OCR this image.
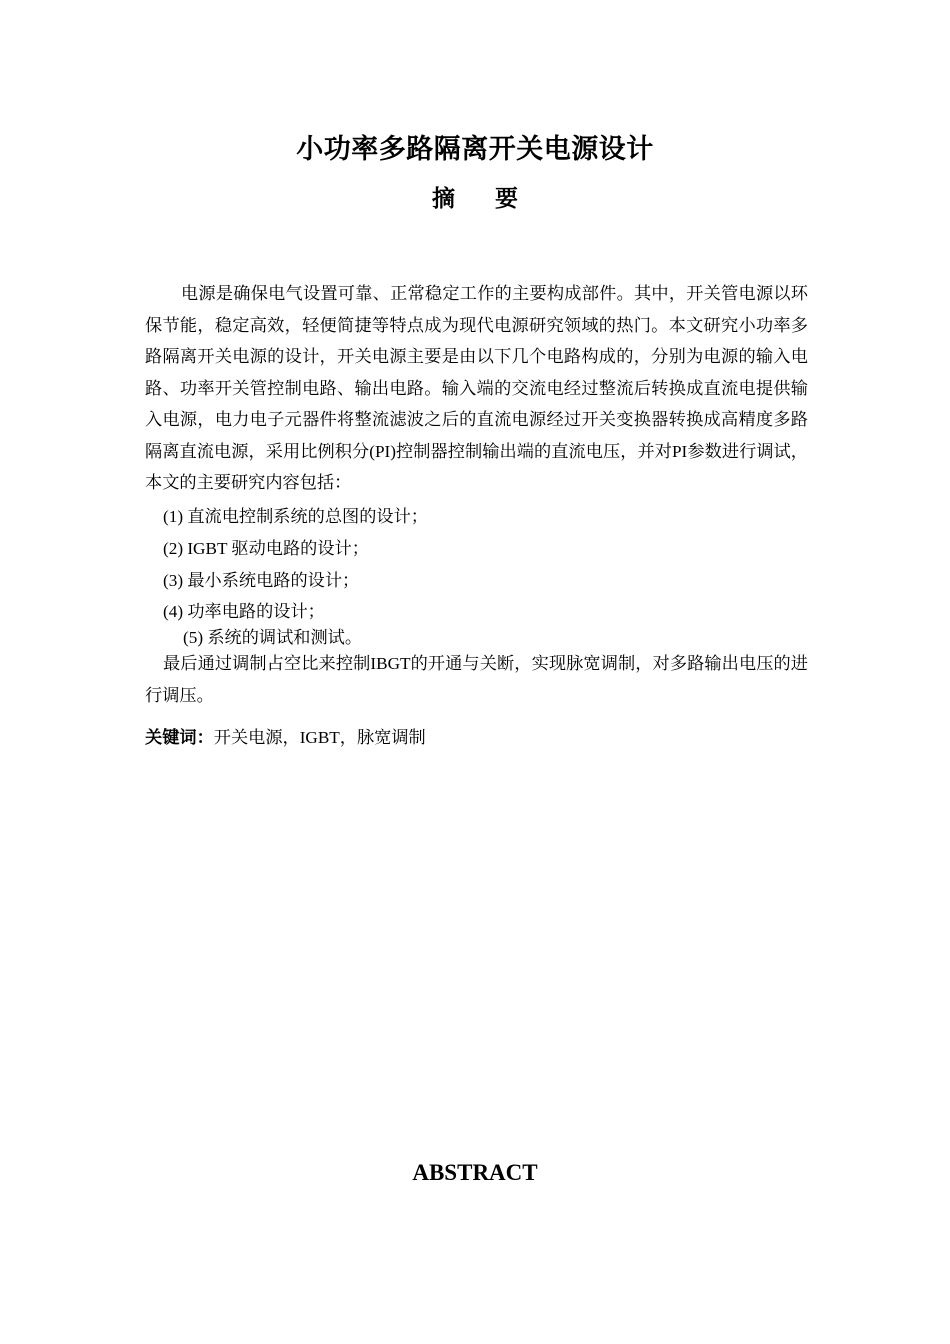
小功率多路隔离开关电源设计
摘 要
电源是确保电气设置可靠、正常稳定工作的主要构成部件。其中，开关管电源以环保节能，稳定高效，轻便简捷等特点成为现代电源研究领域的热门。本文研究小功率多路隔离开关电源的设计，开关电源主要是由以下几个电路构成的，分别为电源的输入电路、功率开关管控制电路、输出电路。输入端的交流电经过整流后转换成直流电提供输入电源，电力电子元器件将整流滤波之后的直流电源经过开关变换器转换成高精度多路隔离直流电源，采用比例积分(PI)控制器控制输出端的直流电压，并对PI参数进行调试，本文的主要研究内容包括：
(1) 直流电控制系统的总图的设计；
(2) IGBT 驱动电路的设计；
(3) 最小系统电路的设计；
(4) 功率电路的设计；
(5) 系统的调试和测试。
最后通过调制占空比来控制IBGT的开通与关断，实现脉宽调制，对多路输出电压的进行调压。
关键词：开关电源，IGBT，脉宽调制
ABSTRACT
